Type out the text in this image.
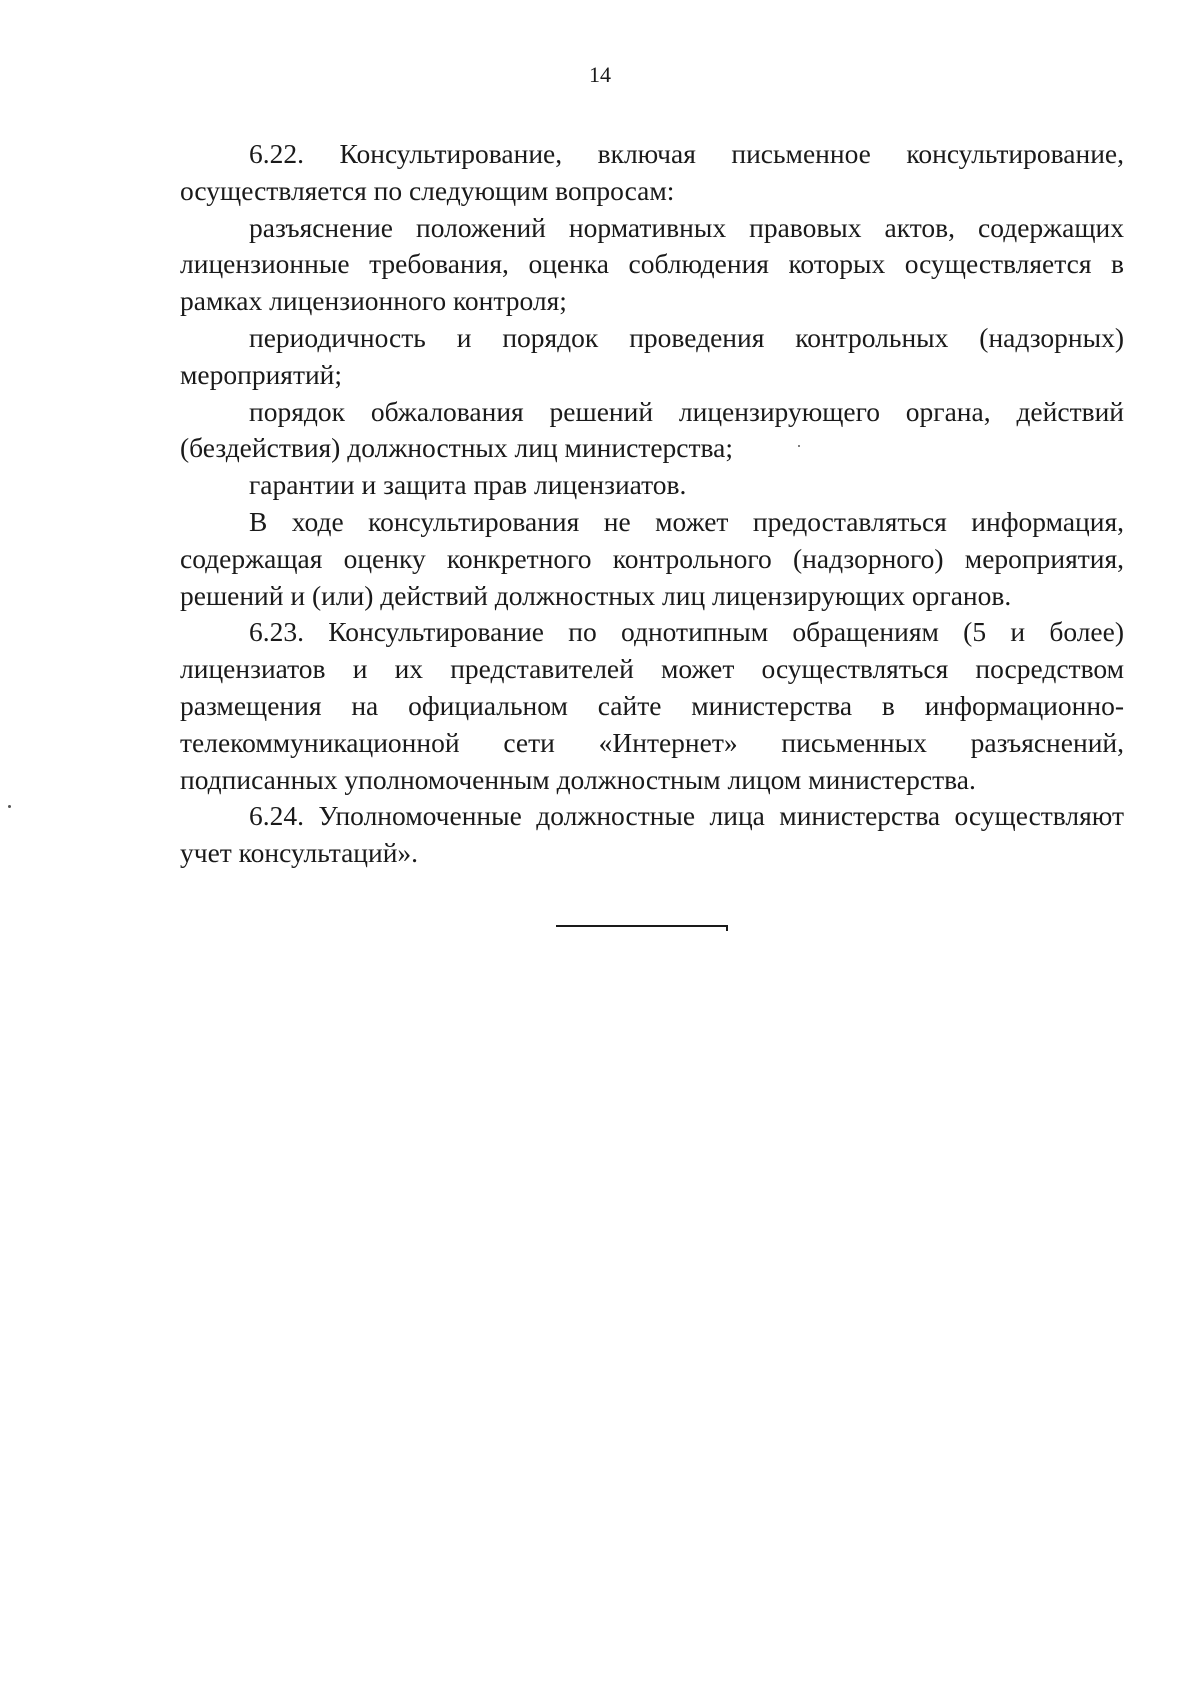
14

6.22. Консультирование, включая письменное консультирование, осуществляется по следующим вопросам:

разъяснение положений нормативных правовых актов, содержащих лицензионные требования, оценка соблюдения которых осуществляется в рамках лицензионного контроля;

периодичность и порядок проведения контрольных (надзорных) мероприятий;

порядок обжалования решений лицензирующего органа, действий (бездействия) должностных лиц министерства;

гарантии и защита прав лицензиатов.

В ходе консультирования не может предоставляться информация, содержащая оценку конкретного контрольного (надзорного) мероприятия, решений и (или) действий должностных лиц лицензирующих органов.

6.23. Консультирование по однотипным обращениям (5 и более) лицензиатов и их представителей может осуществляться посредством размещения на официальном сайте министерства в информационно-телекоммуникационной сети «Интернет» письменных разъяснений, подписанных уполномоченным должностным лицом министерства.

6.24. Уполномоченные должностные лица министерства осуществляют учет консультаций».
